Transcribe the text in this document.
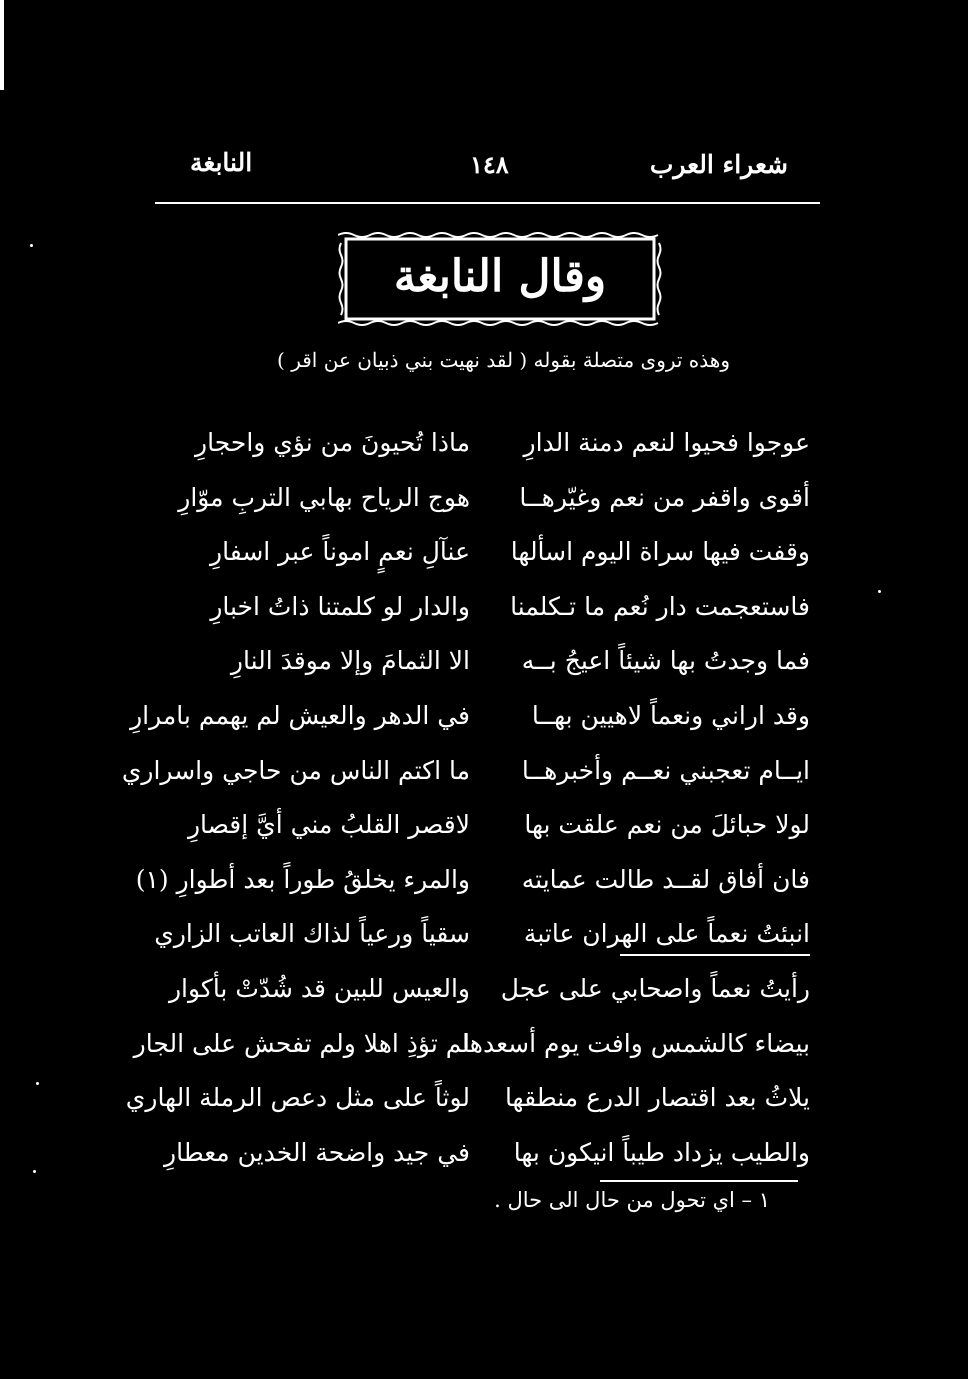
شعراء العرب
١٤٨
النابغة
وقال النابغة
وهذه تروى متصلة بقوله ( لقد نهيت بني ذبيان عن اقر )
عوجوا فحيوا لنعم دمنة الدارِ
أقوى واقفر من نعم وغيّرهــا
وقفت فيها سراة اليوم اسألها
فاستعجمت دار نُعم ما تـكلمنا
فما وجدتُ بها شيئاً اعيجُ بــه
وقد اراني ونعماً لاهيين بهــا
ايــام تعجبني نعــم وأخبرهــا
لولا حبائلَ من نعم علقت بها
فان أفاق لقــد طالت عمايته
انبئتُ نعماً على الهران عاتبة
رأيتُ نعماً واصحابي على عجل
بيضاء كالشمس وافت يوم أسعدها
يلاثُ بعد اقتصار الدرع منطقها
والطيب يزداد طيباً انيكون بها
ماذا تُحيونَ من نؤي واحجارِ
هوج الرياح بهابي التربِ موّارِ
عنآلِ نعمٍ اموناً عبر اسفارِ
والدار لو كلمتنا ذاتُ اخبارِ
الا الثمامَ وإلا موقدَ النارِ
في الدهر والعيش لم يهمم بامرارِ
ما اكتم الناس من حاجي واسراري
لاقصر القلبُ مني أيَّ إقصارِ
والمرء يخلقُ طوراً بعد أطوارِ (١)
سقياً ورعياً لذاك العاتب الزاري
والعيس للبين قد شُدّتْ بأكوار
لم تؤذِ اهلا ولم تفحش على الجار
لوثاً على مثل دعص الرملة الهاري
في جيد واضحة الخدين معطارِ
١ – اي تحول من حال الى حال .
